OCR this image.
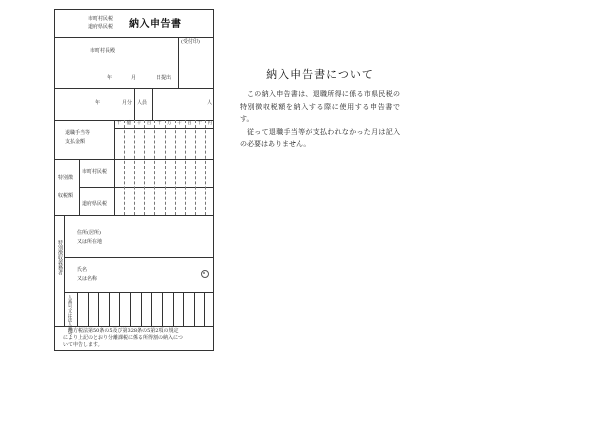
市町村民税
道府県民税 納入申告書
(受付印)
市町村長殿
年	月	日提出
年	月分 人員	人
退職手当等
支払金額
特別徴
収税額
市町村民税
道府県民税
特別徴収義務者
住所(居所)
又は所在地
氏名
又は名称
人番号又は法人番号
地方税法第50条の5及び第328条の5第2項の規定
により上記のとおり分離課税に係る所得割の納入につ
いて申告します。
十 億 千 百 十 万 千 百 十 円
納入申告書について

この納入申告書は、退職所得に係る市県民税の特別徴収税額を納入する際に使用する申告書です。

従って退職手当等が支払われなかった月は記入の必要はありません。
